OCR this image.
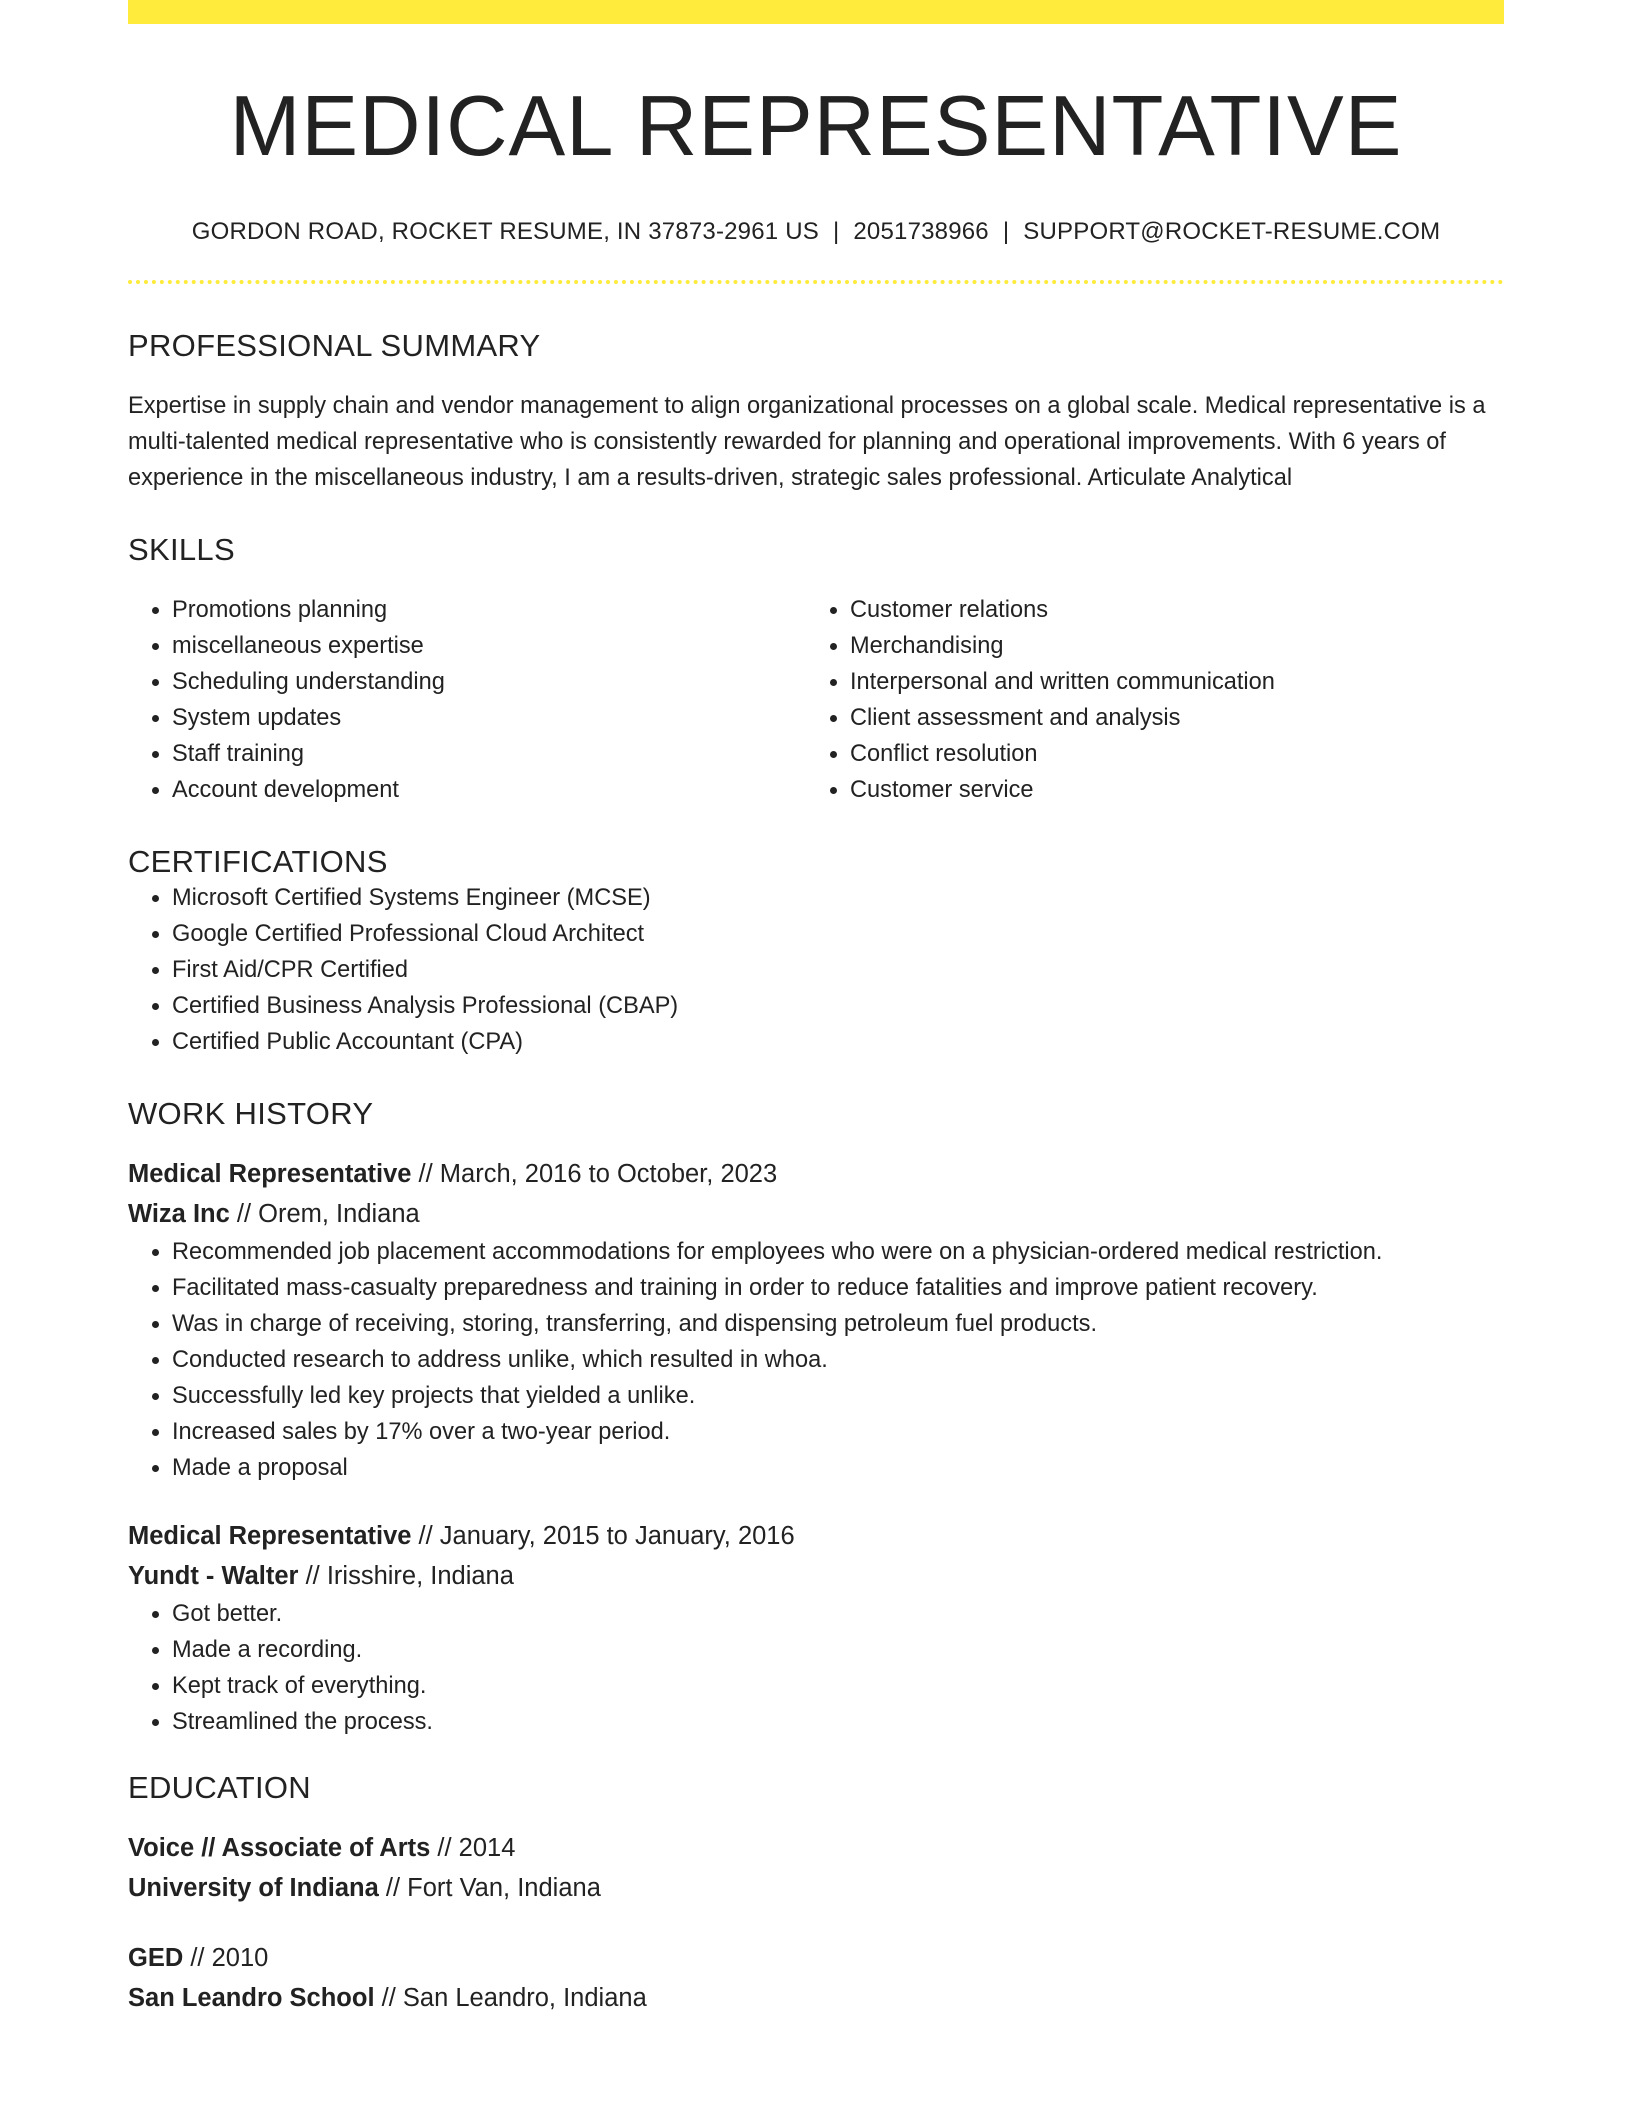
MEDICAL REPRESENTATIVE
GORDON ROAD, ROCKET RESUME, IN 37873-2961 US | 2051738966 | SUPPORT@ROCKET-RESUME.COM
PROFESSIONAL SUMMARY

Expertise in supply chain and vendor management to align organizational processes on a global scale. Medical representative is a multi-talented medical representative who is consistently rewarded for planning and operational improvements. With 6 years of experience in the miscellaneous industry, I am a results-driven, strategic sales professional. Articulate Analytical

SKILLS
• Promotions planning
• miscellaneous expertise
• Scheduling understanding
• System updates
• Staff training
• Account development
• Customer relations
• Merchandising
• Interpersonal and written communication
• Client assessment and analysis
• Conflict resolution
• Customer service
CERTIFICATIONS
• Microsoft Certified Systems Engineer (MCSE)
• Google Certified Professional Cloud Architect
• First Aid/CPR Certified
• Certified Business Analysis Professional (CBAP)
• Certified Public Accountant (CPA)
WORK HISTORY
Medical Representative // March, 2016 to October, 2023
Wiza Inc // Orem, Indiana
• Recommended job placement accommodations for employees who were on a physician-ordered medical restriction.
• Facilitated mass-casualty preparedness and training in order to reduce fatalities and improve patient recovery.
• Was in charge of receiving, storing, transferring, and dispensing petroleum fuel products.
• Conducted research to address unlike, which resulted in whoa.
• Successfully led key projects that yielded a unlike.
• Increased sales by 17% over a two-year period.
• Made a proposal
Medical Representative // January, 2015 to January, 2016
Yundt - Walter // Irisshire, Indiana
• Got better.
• Made a recording.
• Kept track of everything.
• Streamlined the process.
EDUCATION
Voice // Associate of Arts // 2014
University of Indiana // Fort Van, Indiana
GED // 2010
San Leandro School // San Leandro, Indiana
